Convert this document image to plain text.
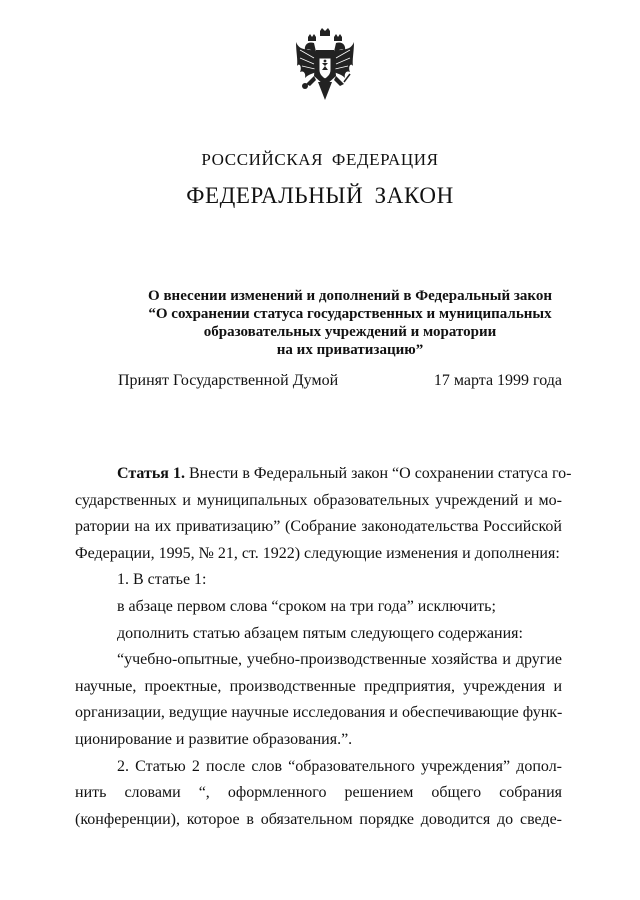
РОССИЙСКАЯ ФЕДЕРАЦИЯ
ФЕДЕРАЛЬНЫЙ ЗАКОН
О внесении изменений и дополнений в Федеральный закон
“О сохранении статуса государственных и муниципальных
образовательных учреждений и моратории
на их приватизацию”
Принят Государственной Думой	17 марта 1999 года
Статья 1. Внести в Федеральный закон “О сохранении статуса го-
сударственных и муниципальных образовательных учреждений и мо-
ратории на их приватизацию” (Собрание законодательства Российской
Федерации, 1995, № 21, ст. 1922) следующие изменения и дополнения:
1. В статье 1:
в абзаце первом слова “сроком на три года” исключить;
дополнить статью абзацем пятым следующего содержания:
“учебно-опытные, учебно-производственные хозяйства и другие
научные, проектные, производственные предприятия, учреждения и
организации, ведущие научные исследования и обеспечивающие функ-
ционирование и развитие образования.”.
2. Статью 2 после слов “образовательного учреждения” допол-
нить словами “, оформленного решением общего собрания
(конференции), которое в обязательном порядке доводится до сведе-
